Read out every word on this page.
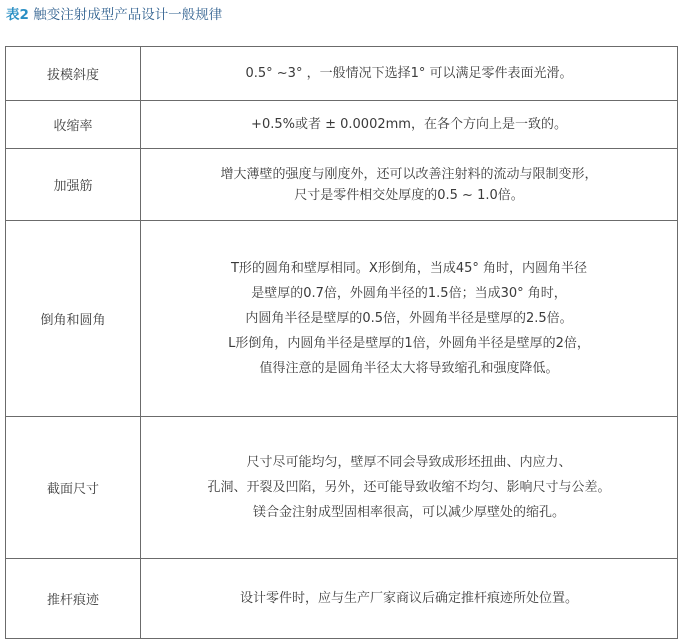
表2 触变注射成型产品设计一般规律
拔模斜度	0.5° ~3° ，一般情况下选择1° 可以满足零件表面光滑。

收缩率	+0.5%或者 ± 0.0002mm，在各个方向上是一致的。

加强筋	增大薄壁的强度与刚度外，还可以改善注射料的流动与限制变形，
尺寸是零件相交处厚度的0.5 ~ 1.0倍。

倒角和圆角	T形的圆角和壁厚相同。X形倒角，当成45° 角时，内圆角半径
是壁厚的0.7倍，外圆角半径的1.5倍；当成30° 角时，
内圆角半径是壁厚的0.5倍，外圆角半径是壁厚的2.5倍。
L形倒角，内圆角半径是壁厚的1倍，外圆角半径是壁厚的2倍，
值得注意的是圆角半径太大将导致缩孔和强度降低。

截面尺寸	尺寸尽可能均匀，壁厚不同会导致成形坯扭曲、内应力、
孔洞、开裂及凹陷，另外，还可能导致收缩不均匀、影响尺寸与公差。
镁合金注射成型固相率很高，可以减少厚壁处的缩孔。

推杆痕迹	设计零件时，应与生产厂家商议后确定推杆痕迹所处位置。
